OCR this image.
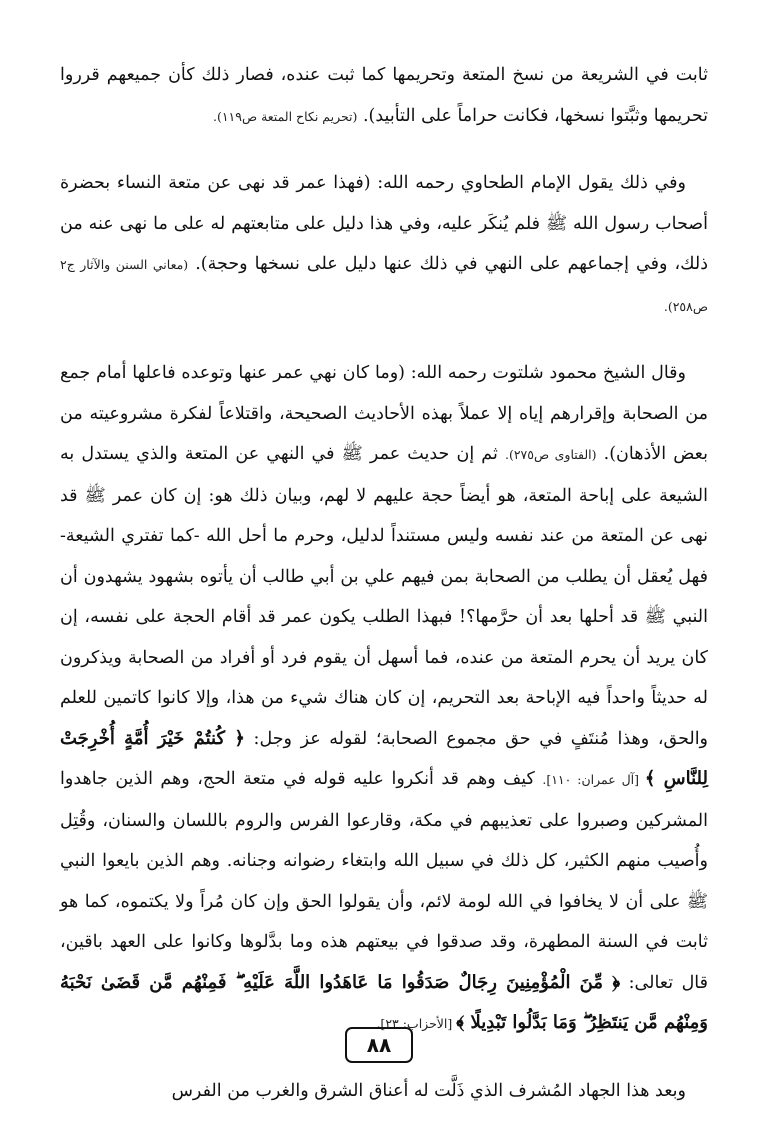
ثابت في الشريعة من نسخ المتعة وتحريمها كما ثبت عنده، فصار ذلك كأن جميعهم قرروا تحريمها وثبَّتوا نسخها، فكانت حراماً على التأبيد). (تحريم نكاح المتعة ص١١٩).

وفي ذلك يقول الإمام الطحاوي رحمه الله: (فهذا عمر قد نهى عن متعة النساء بحضرة أصحاب رسول الله ﷺ فلم يُنكَر عليه، وفي هذا دليل على متابعتهم له على ما نهى عنه من ذلك، وفي إجماعهم على النهي في ذلك عنها دليل على نسخها وحجة). (معاني السنن والآثار ج٢ ص٢٥٨).

وقال الشيخ محمود شلتوت رحمه الله: (وما كان نهي عمر عنها وتوعده فاعلها أمام جمع من الصحابة وإقرارهم إياه إلا عملاً بهذه الأحاديث الصحيحة، واقتلاعاً لفكرة مشروعيته من بعض الأذهان). (الفتاوى ص٢٧٥). ثم إن حديث عمر ﷺ في النهي عن المتعة والذي يستدل به الشيعة على إباحة المتعة، هو أيضاً حجة عليهم لا لهم، وبيان ذلك هو: إن كان عمر ﷺ قد نهى عن المتعة من عند نفسه وليس مستنداً لدليل، وحرم ما أحل الله -كما تفتري الشيعة- فهل يُعقل أن يطلب من الصحابة بمن فيهم علي بن أبي طالب أن يأتوه بشهود يشهدون أن النبي ﷺ قد أحلها بعد أن حرَّمها؟! فبهذا الطلب يكون عمر قد أقام الحجة على نفسه، إن كان يريد أن يحرم المتعة من عنده، فما أسهل أن يقوم فرد أو أفراد من الصحابة ويذكرون له حديثاً واحداً فيه الإباحة بعد التحريم، إن كان هناك شيء من هذا، وإلا كانوا كاتمين للعلم والحق، وهذا مُنتَفٍ في حق مجموع الصحابة؛ لقوله عز وجل: ﴿ كُنتُمْ خَيْرَ أُمَّةٍ أُخْرِجَتْ لِلنَّاسِ ﴾ [آل عمران: ١١٠]. كيف وهم قد أنكروا عليه قوله في متعة الحج، وهم الذين جاهدوا المشركين وصبروا على تعذيبهم في مكة، وقارعوا الفرس والروم باللسان والسنان، وقُتِل وأُصيب منهم الكثير، كل ذلك في سبيل الله وابتغاء رضوانه وجنانه. وهم الذين بايعوا النبي ﷺ على أن لا يخافوا في الله لومة لائم، وأن يقولوا الحق وإن كان مُراً ولا يكتموه، كما هو ثابت في السنة المطهرة، وقد صدقوا في بيعتهم هذه وما بدَّلوها وكانوا على العهد باقين، قال تعالى: ﴿ مِّنَ الْمُؤْمِنِينَ رِجَالٌ صَدَقُوا مَا عَاهَدُوا اللَّهَ عَلَيْهِ ۖ فَمِنْهُم مَّن قَضَىٰ نَحْبَهُ وَمِنْهُم مَّن يَنتَظِرُ ۖ وَمَا بَدَّلُوا تَبْدِيلًا ﴾ [الأحزاب: ٢٣].

وبعد هذا الجهاد المُشرف الذي ذَلَّت له أعناق الشرق والغرب من الفرس

٨٨
